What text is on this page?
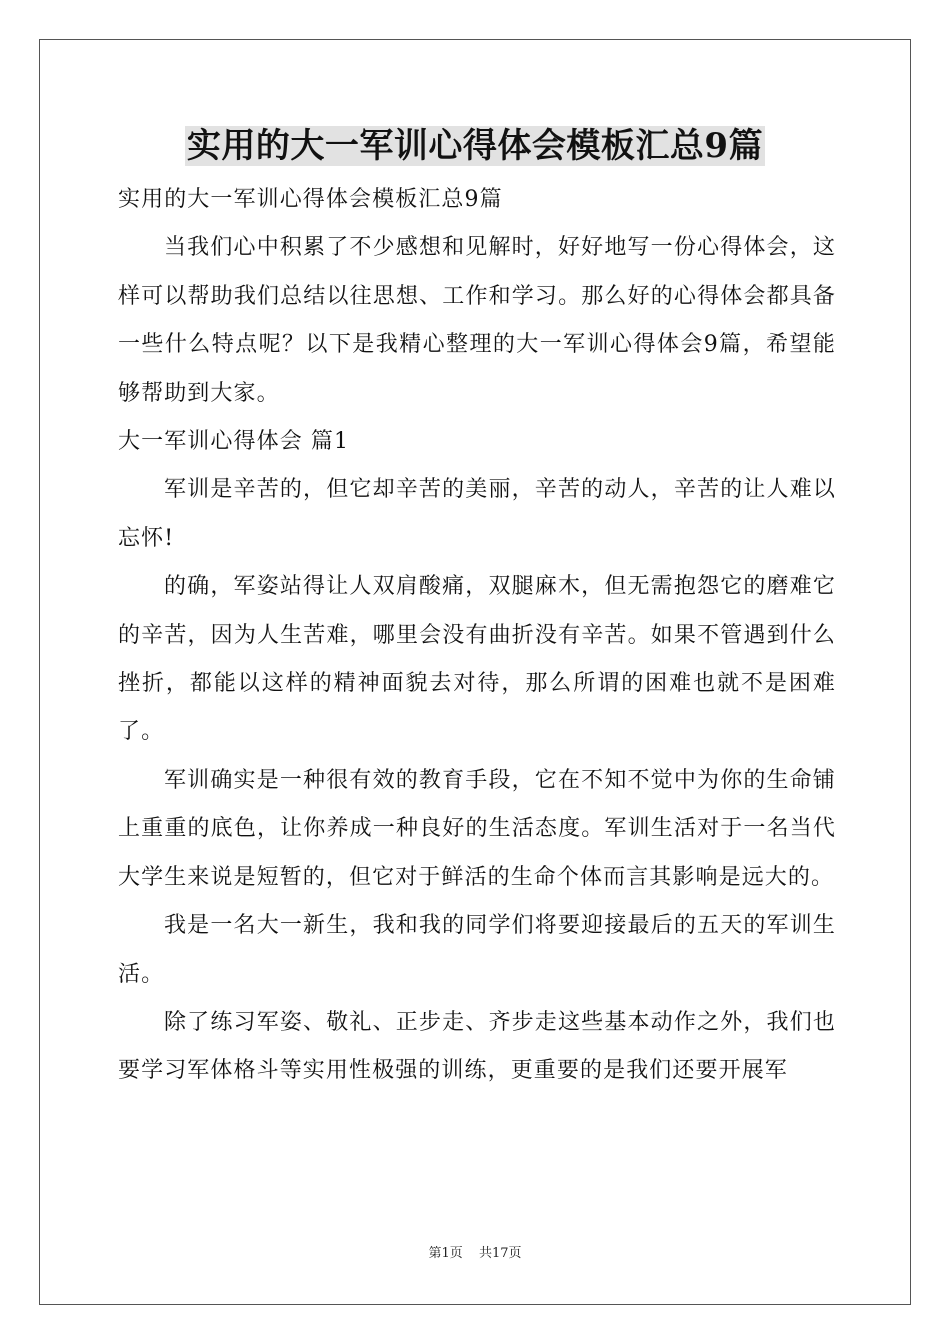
实用的大一军训心得体会模板汇总9篇

实用的大一军训心得体会模板汇总9篇

当我们心中积累了不少感想和见解时，好好地写一份心得体会，这样可以帮助我们总结以往思想、工作和学习。那么好的心得体会都具备一些什么特点呢？以下是我精心整理的大一军训心得体会9篇，希望能够帮助到大家。

大一军训心得体会 篇1

军训是辛苦的，但它却辛苦的美丽，辛苦的动人，辛苦的让人难以忘怀!

的确，军姿站得让人双肩酸痛，双腿麻木，但无需抱怨它的磨难它的辛苦，因为人生苦难，哪里会没有曲折没有辛苦。如果不管遇到什么挫折，都能以这样的精神面貌去对待，那么所谓的困难也就不是困难了。

军训确实是一种很有效的教育手段，它在不知不觉中为你的生命铺上重重的底色，让你养成一种良好的生活态度。军训生活对于一名当代大学生来说是短暂的，但它对于鲜活的生命个体而言其影响是远大的。

我是一名大一新生，我和我的同学们将要迎接最后的五天的军训生活。

除了练习军姿、敬礼、正步走、齐步走这些基本动作之外，我们也要学习军体格斗等实用性极强的训练，更重要的是我们还要开展军

第1页 共17页
